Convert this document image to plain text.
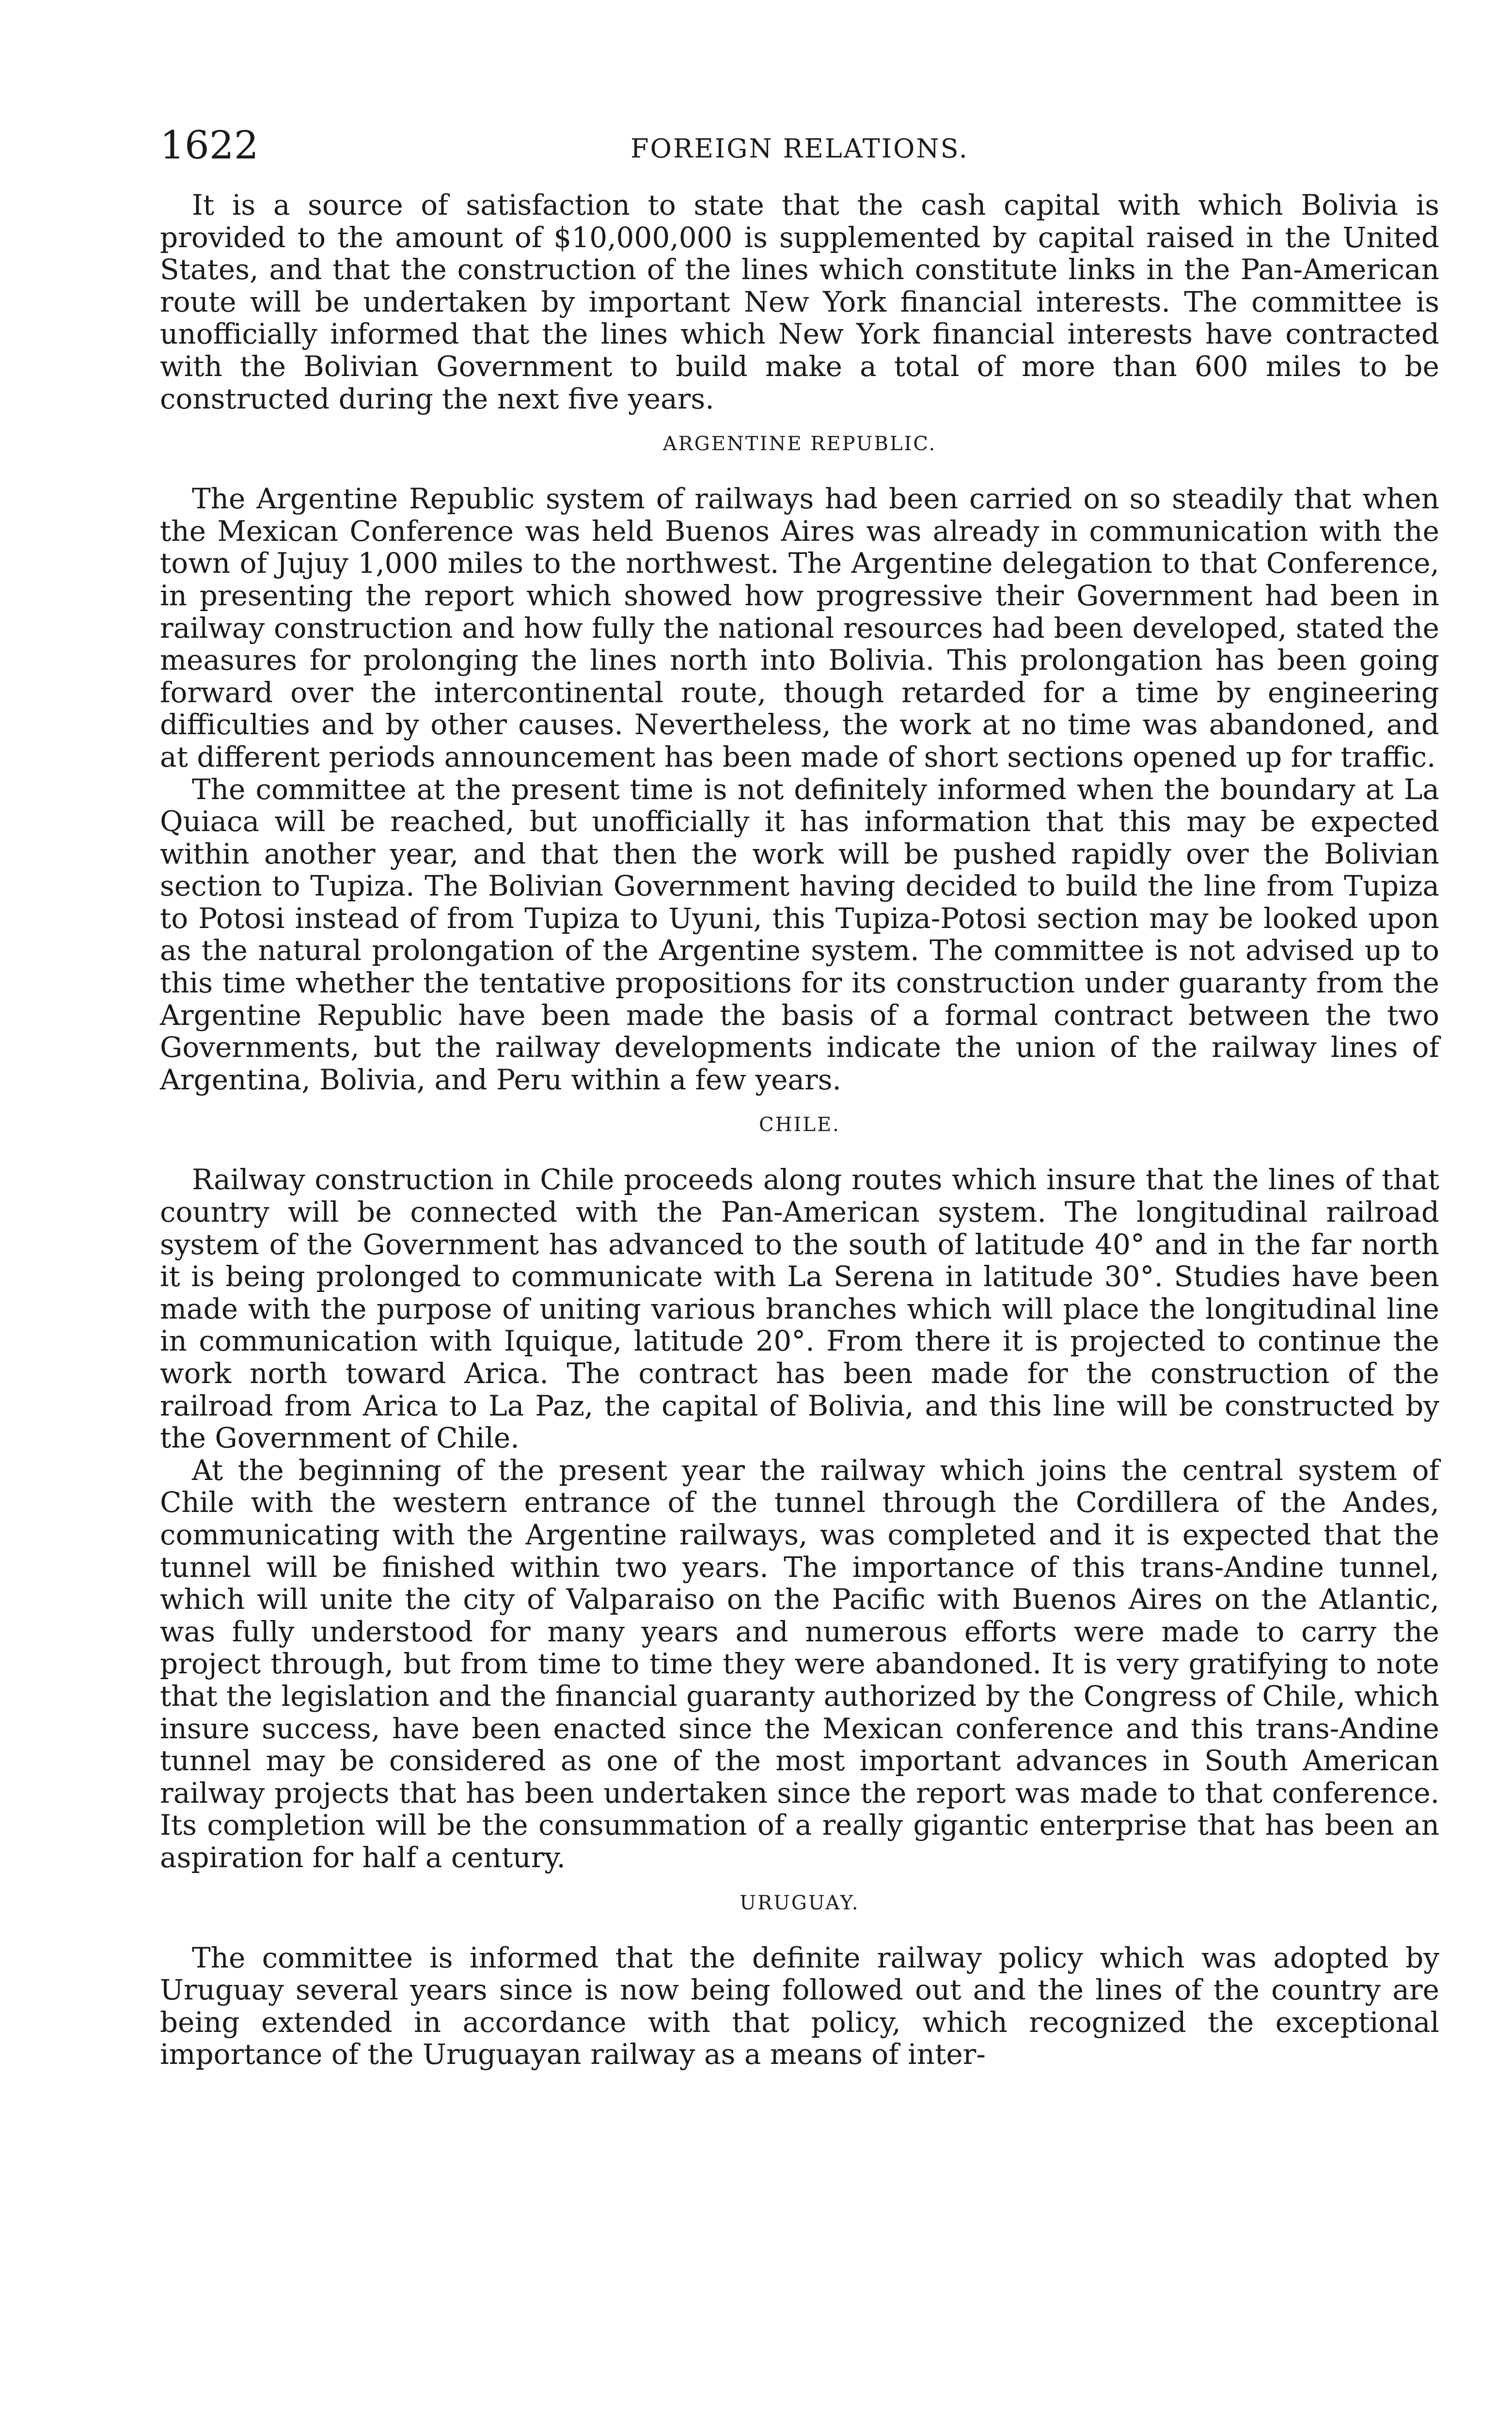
1622	FOREIGN RELATIONS.

It is a source of satisfaction to state that the cash capital with which Bolivia is provided to the amount of $10,000,000 is supplemented by capital raised in the United States, and that the construction of the lines which constitute links in the Pan-American route will be undertaken by important New York financial interests. The committee is unofficially informed that the lines which New York financial interests have contracted with the Bolivian Government to build make a total of more than 600 miles to be constructed during the next five years.

ARGENTINE REPUBLIC.

The Argentine Republic system of railways had been carried on so steadily that when the Mexican Conference was held Buenos Aires was already in communication with the town of Jujuy 1,000 miles to the northwest. The Argentine delegation to that Conference, in presenting the report which showed how progressive their Government had been in railway construction and how fully the national resources had been developed, stated the measures for prolonging the lines north into Bolivia. This prolongation has been going forward over the intercontinental route, though retarded for a time by engineering difficulties and by other causes. Nevertheless, the work at no time was abandoned, and at different periods announcement has been made of short sections opened up for traffic.

The committee at the present time is not definitely informed when the boundary at La Quiaca will be reached, but unofficially it has information that this may be expected within another year, and that then the work will be pushed rapidly over the Bolivian section to Tupiza. The Bolivian Government having decided to build the line from Tupiza to Potosi instead of from Tupiza to Uyuni, this Tupiza-Potosi section may be looked upon as the natural prolongation of the Argentine system. The committee is not advised up to this time whether the tentative propositions for its construction under guaranty from the Argentine Republic have been made the basis of a formal contract between the two Governments, but the railway developments indicate the union of the railway lines of Argentina, Bolivia, and Peru within a few years.

CHILE.

Railway construction in Chile proceeds along routes which insure that the lines of that country will be connected with the Pan-American system. The longitudinal railroad system of the Government has advanced to the south of latitude 40° and in the far north it is being prolonged to communicate with La Serena in latitude 30°. Studies have been made with the purpose of uniting various branches which will place the longitudinal line in communication with Iquique, latitude 20°. From there it is projected to continue the work north toward Arica. The contract has been made for the construction of the railroad from Arica to La Paz, the capital of Bolivia, and this line will be constructed by the Government of Chile.

At the beginning of the present year the railway which joins the central system of Chile with the western entrance of the tunnel through the Cordillera of the Andes, communicating with the Argentine railways, was completed and it is expected that the tunnel will be finished within two years. The importance of this trans-Andine tunnel, which will unite the city of Valparaiso on the Pacific with Buenos Aires on the Atlantic, was fully understood for many years and numerous efforts were made to carry the project through, but from time to time they were abandoned. It is very gratifying to note that the legislation and the financial guaranty authorized by the Congress of Chile, which insure success, have been enacted since the Mexican conference and this trans-Andine tunnel may be considered as one of the most important advances in South American railway projects that has been undertaken since the report was made to that conference. Its completion will be the consummation of a really gigantic enterprise that has been an aspiration for half a century.

URUGUAY.

The committee is informed that the definite railway policy which was adopted by Uruguay several years since is now being followed out and the lines of the country are being extended in accordance with that policy, which recognized the exceptional importance of the Uruguayan railway as a means of inter-
